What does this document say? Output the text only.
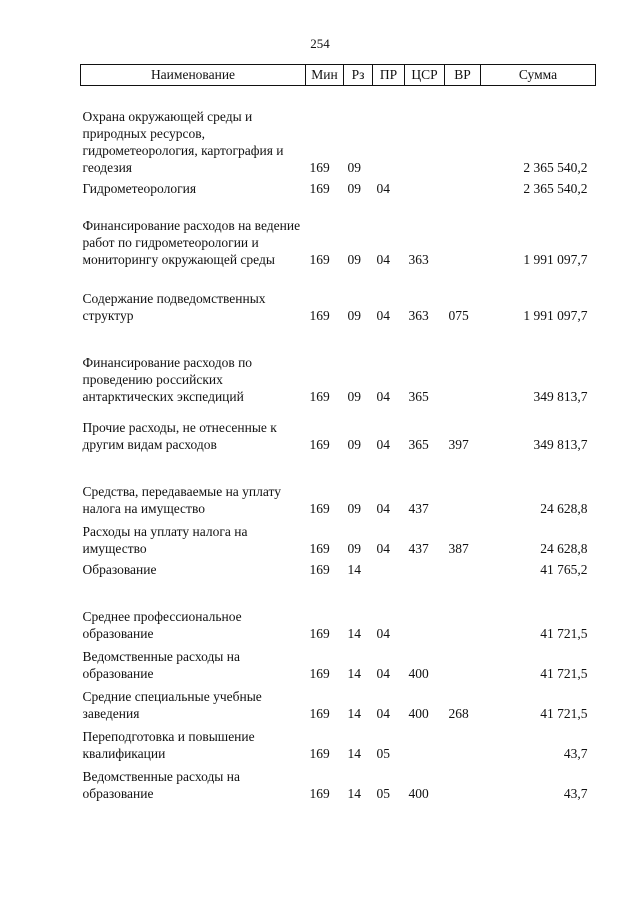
254
Наименование	Мин	Рз	ПР	ЦСР	ВР	Сумма

Охрана окружающей среды и природных ресурсов, гидрометеорология, картография и геодезия	169	09				2 365 540,2

Гидрометеорология	169	09	04			2 365 540,2

Финансирование расходов на ведение работ по гидрометеорологии и мониторингу окружающей среды	169	09	04	363		1 991 097,7

Содержание подведомственных структур	169	09	04	363	075	1 991 097,7

Финансирование расходов по проведению российских антарктических экспедиций	169	09	04	365		349 813,7

Прочие расходы, не отнесенные к другим видам расходов	169	09	04	365	397	349 813,7

Средства, передаваемые на уплату налога на имущество	169	09	04	437		24 628,8

Расходы на уплату налога на имущество	169	09	04	437	387	24 628,8

Образование	169	14				41 765,2

Среднее профессиональное образование	169	14	04			41 721,5

Ведомственные расходы на образование	169	14	04	400		41 721,5

Средние специальные учебные заведения	169	14	04	400	268	41 721,5

Переподготовка и повышение квалификации	169	14	05			43,7

Ведомственные расходы на образование	169	14	05	400		43,7
